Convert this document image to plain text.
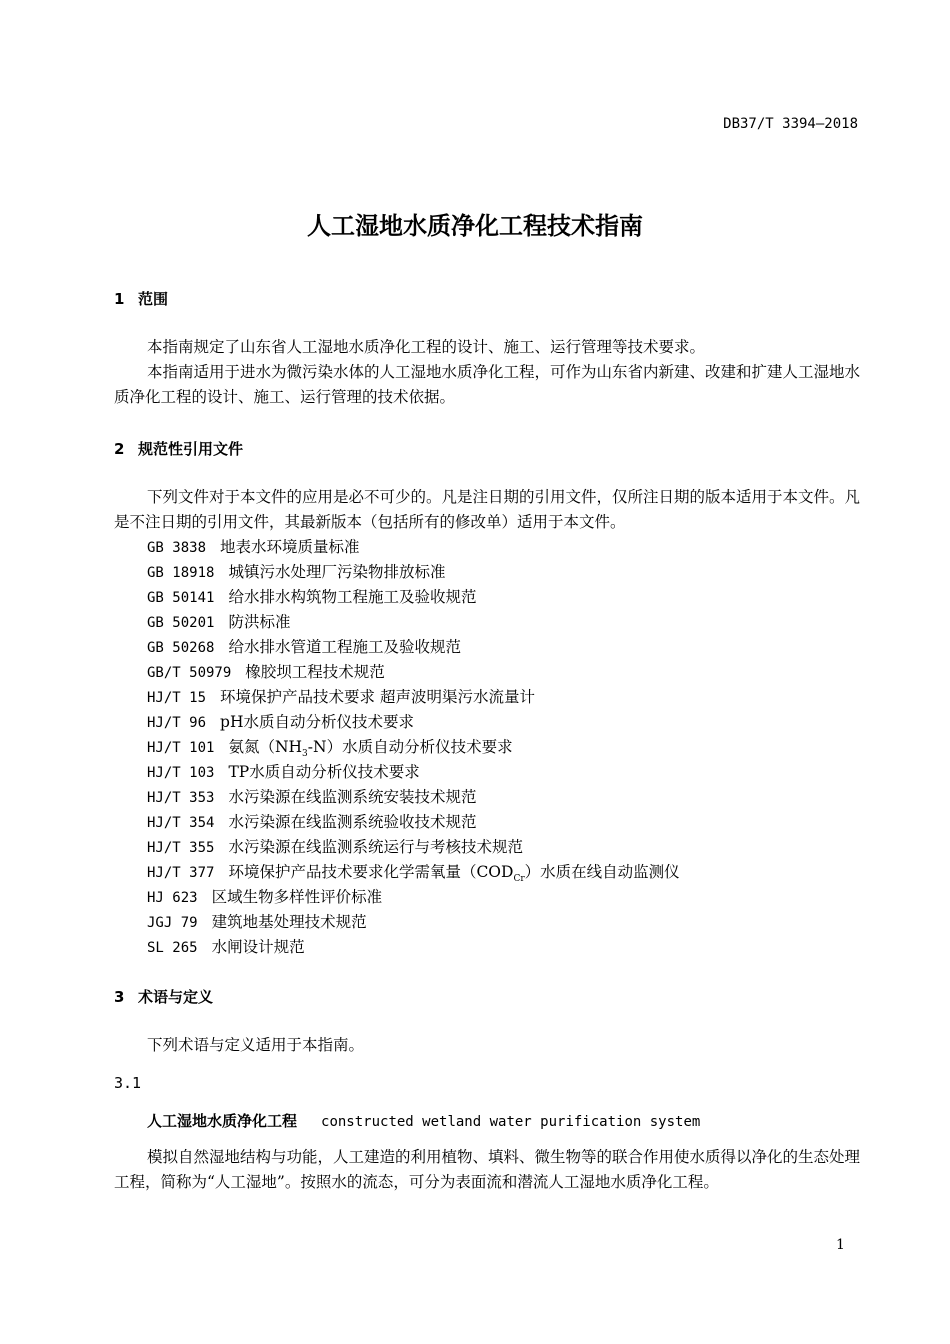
DB37/T 3394—2018
人工湿地水质净化工程技术指南
1 范围
本指南规定了山东省人工湿地水质净化工程的设计、施工、运行管理等技术要求。
本指南适用于进水为微污染水体的人工湿地水质净化工程，可作为山东省内新建、改建和扩建人工湿地水质净化工程的设计、施工、运行管理的技术依据。
2 规范性引用文件
下列文件对于本文件的应用是必不可少的。凡是注日期的引用文件，仅所注日期的版本适用于本文件。凡是不注日期的引用文件，其最新版本（包括所有的修改单）适用于本文件。
GB 3838 地表水环境质量标准
GB 18918 城镇污水处理厂污染物排放标准
GB 50141 给水排水构筑物工程施工及验收规范
GB 50201 防洪标准
GB 50268 给水排水管道工程施工及验收规范
GB/T 50979 橡胶坝工程技术规范
HJ/T 15 环境保护产品技术要求 超声波明渠污水流量计
HJ/T 96 pH水质自动分析仪技术要求
HJ/T 101 氨氮$(NH_3-N)$水质自动分析仪技术要求
HJ/T 103 TP水质自动分析仪技术要求
HJ/T 353 水污染源在线监测系统安装技术规范
HJ/T 354 水污染源在线监测系统验收技术规范
HJ/T 355 水污染源在线监测系统运行与考核技术规范
HJ/T 377 环境保护产品技术要求化学需氧量$(COD_{Cr})$水质在线自动监测仪
HJ 623 区域生物多样性评价标准
JGJ 79 建筑地基处理技术规范
SL 265 水闸设计规范
3 术语与定义
下列术语与定义适用于本指南。
3.1
人工湿地水质净化工程 constructed wetland water purification system
模拟自然湿地结构与功能，人工建造的利用植物、填料、微生物等的联合作用使水质得以净化的生态处理工程，简称为“人工湿地”。按照水的流态，可分为表面流和潜流人工湿地水质净化工程。
1
